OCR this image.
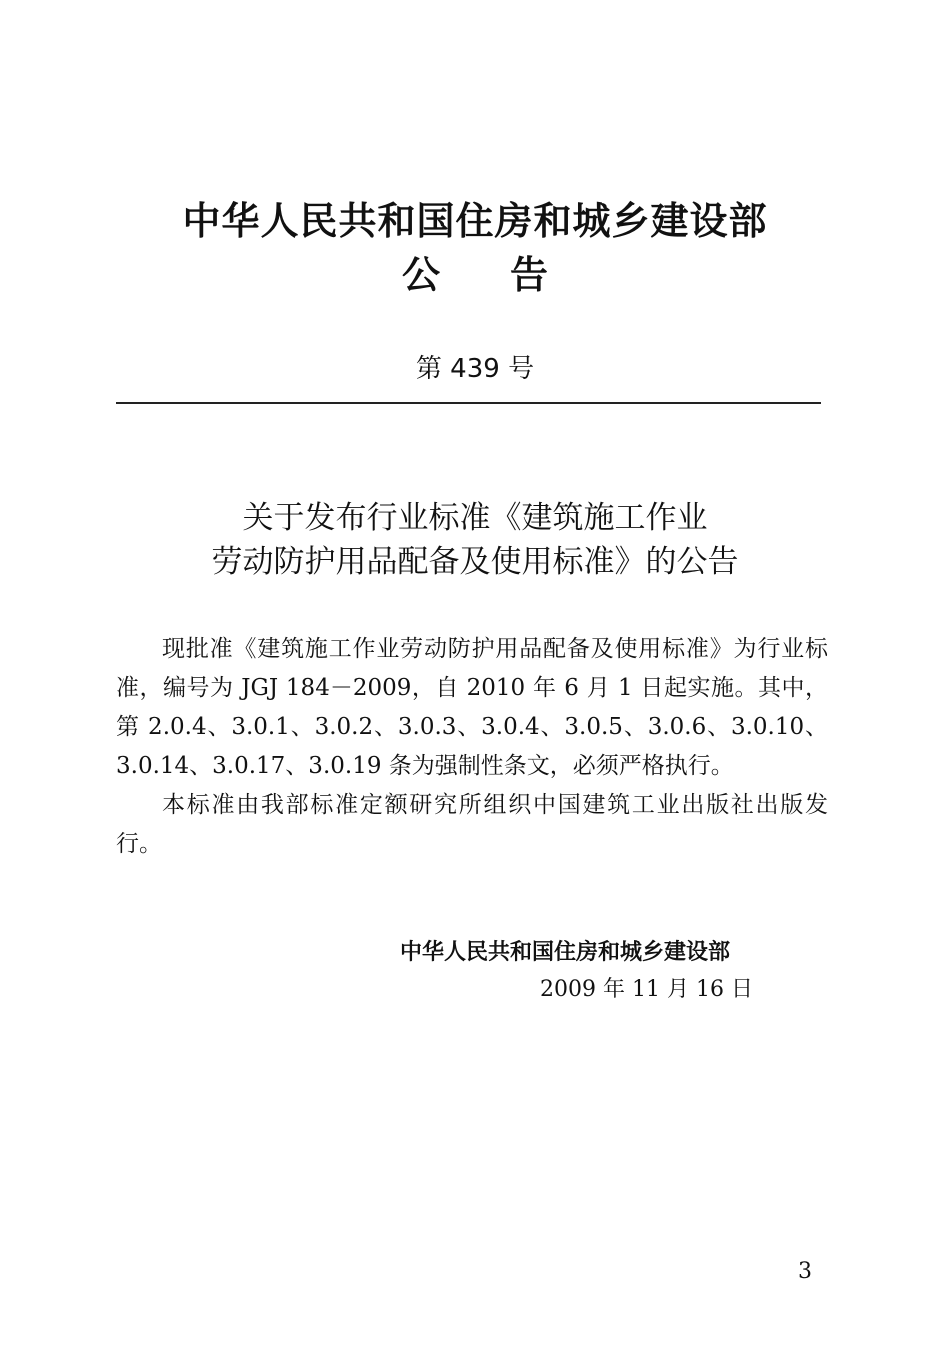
中华人民共和国住房和城乡建设部
公告
第 439 号
关于发布行业标准《建筑施工作业
劳动防护用品配备及使用标准》的公告

现批准《建筑施工作业劳动防护用品配备及使用标准》为行业标准，编号为 JGJ 184－2009，自 2010 年 6 月 1 日起实施。其中，第 2.0.4、3.0.1、3.0.2、3.0.3、3.0.4、3.0.5、3.0.6、3.0.10、3.0.14、3.0.17、3.0.19 条为强制性条文，必须严格执行。

本标准由我部标准定额研究所组织中国建筑工业出版社出版发行。

中华人民共和国住房和城乡建设部
2009 年 11 月 16 日
3
